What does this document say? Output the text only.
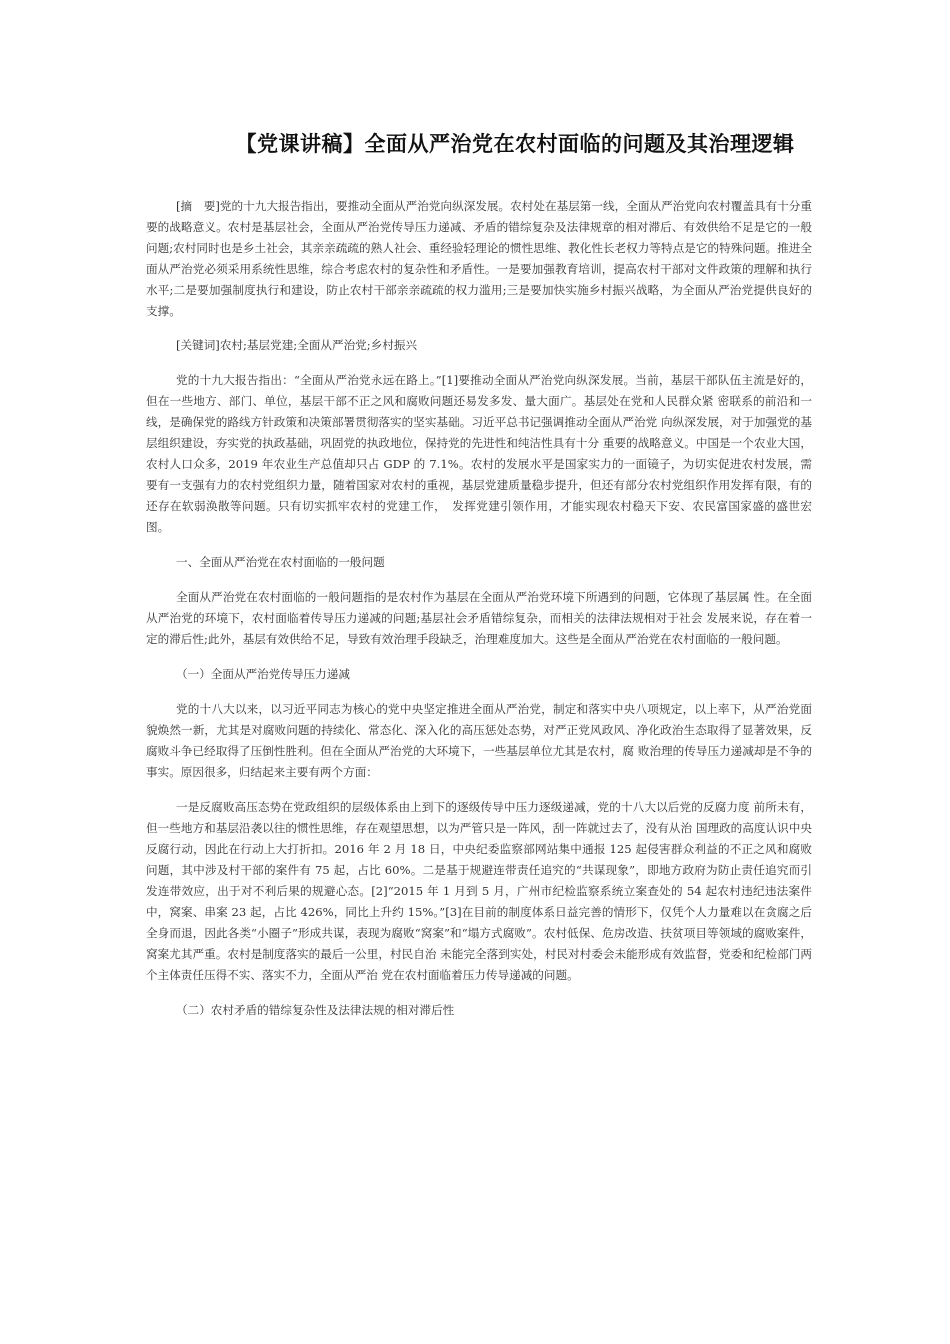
【党课讲稿】全面从严治党在农村面临的问题及其治理逻辑

[摘　要]党的十九大报告指出，要推动全面从严治党向纵深发展。农村处在基层第一线，全面从严治党向农村覆盖具有十分重要的战略意义。农村是基层社会，全面从严治党传导压力递减、矛盾的错综复杂及法律规章的相对滞后、有效供给不足是它的一般问题;农村同时也是乡土社会，其亲亲疏疏的熟人社会、重经验轻理论的惯性思维、教化性长老权力等特点是它的特殊问题。推进全面从严治党必须采用系统性思维，综合考虑农村的复杂性和矛盾性。一是要加强教育培训，提高农村干部对文件政策的理解和执行水平;二是要加强制度执行和建设，防止农村干部亲亲疏疏的权力滥用;三是要加快实施乡村振兴战略，为全面从严治党提供良好的支撑。

[关键词]农村;基层党建;全面从严治党;乡村振兴

党的十九大报告指出：“全面从严治党永远在路上。”[1]要推动全面从严治党向纵深发展。当前，基层干部队伍主流是好的，但在一些地方、部门、单位，基层干部不正之风和腐败问题还易发多发、量大面广。基层处在党和人民群众紧 密联系的前沿和一线，是确保党的路线方针政策和决策部署贯彻落实的坚实基础。习近平总书记强调推动全面从严治党 向纵深发展，对于加强党的基层组织建设，夯实党的执政基础，巩固党的执政地位，保持党的先进性和纯洁性具有十分 重要的战略意义。中国是一个农业大国，农村人口众多，2019 年农业生产总值却只占 GDP 的 7.1%。农村的发展水平是国家实力的一面镜子，为切实促进农村发展，需要有一支强有力的农村党组织力量，随着国家对农村的重视，基层党建质量稳步提升，但还有部分农村党组织作用发挥有限，有的还存在软弱涣散等问题。只有切实抓牢农村的党建工作，　发挥党建引领作用，才能实现农村稳天下安、农民富国家盛的盛世宏图。

一、全面从严治党在农村面临的一般问题

全面从严治党在农村面临的一般问题指的是农村作为基层在全面从严治党环境下所遇到的问题，它体现了基层属 性。在全面从严治党的环境下，农村面临着传导压力递减的问题;基层社会矛盾错综复杂，而相关的法律法规相对于社会 发展来说，存在着一定的滞后性;此外，基层有效供给不足，导致有效治理手段缺乏，治理难度加大。这些是全面从严治党在农村面临的一般问题。

（一）全面从严治党传导压力递减

党的十八大以来，以习近平同志为核心的党中央坚定推进全面从严治党，制定和落实中央八项规定，以上率下，从严治党面貌焕然一新，尤其是对腐败问题的持续化、常态化、深入化的高压惩处态势，对严正党风政风、净化政治生态取得了显著效果，反腐败斗争已经取得了压倒性胜利。但在全面从严治党的大环境下，一些基层单位尤其是农村，腐 败治理的传导压力递减却是不争的事实。原因很多，归结起来主要有两个方面：

一是反腐败高压态势在党政组织的层级体系由上到下的逐级传导中压力逐级递减，党的十八大以后党的反腐力度 前所未有，但一些地方和基层沿袭以往的惯性思维，存在观望思想，以为严管只是一阵风，刮一阵就过去了，没有从治 国理政的高度认识中央反腐行动，因此在行动上大打折扣。2016 年 2 月 18 日，中央纪委监察部网站集中通报 125 起侵害群众利益的不正之风和腐败问题，其中涉及村干部的案件有 75 起，占比 60%。二是基于规避连带责任追究的“共谋现象”，即地方政府为防止责任追究而引发连带效应，出于对不利后果的规避心态。[2]“2015 年 1 月到 5 月，广州市纪检监察系统立案查处的 54 起农村违纪违法案件中，窝案、串案 23 起，占比 426%，同比上升约 15%。”[3]在目前的制度体系日益完善的情形下，仅凭个人力量难以在贪腐之后全身而退，因此各类“小圈子”形成共谋，表现为腐败“窝案”和“塌方式腐败”。农村低保、危房改造、扶贫项目等领域的腐败案件，窝案尤其严重。农村是制度落实的最后一公里，村民自治 未能完全落到实处，村民对村委会未能形成有效监督，党委和纪检部门两个主体责任压得不实、落实不力，全面从严治 党在农村面临着压力传导递减的问题。

（二）农村矛盾的错综复杂性及法律法规的相对滞后性
